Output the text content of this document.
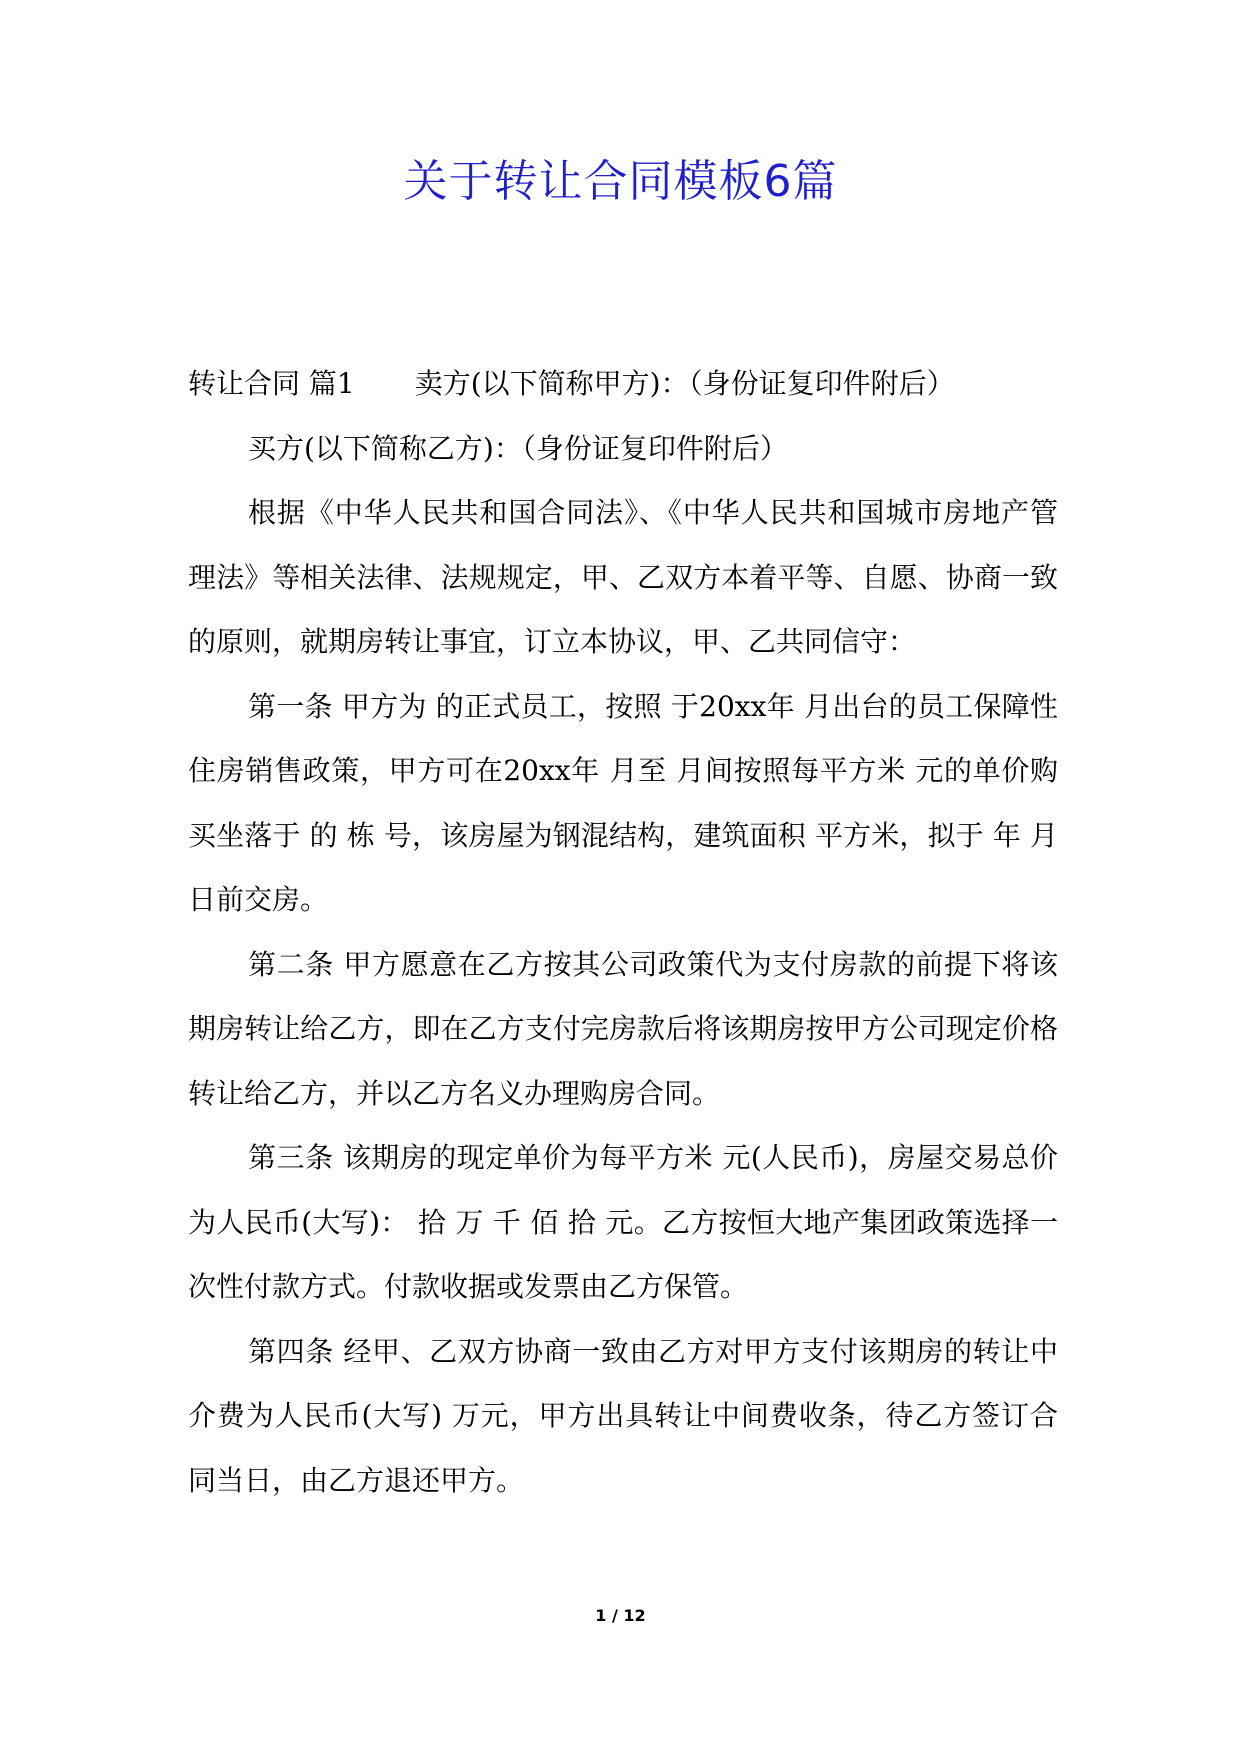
关于转让合同模板6篇

转让合同 篇1 卖方(以下简称甲方)：（身份证复印件附后）

买方(以下简称乙方)：（身份证复印件附后）

根据《中华人民共和国合同法》、《中华人民共和国城市房地产管理法》等相关法律、法规规定，甲、乙双方本着平等、自愿、协商一致的原则，就期房转让事宜，订立本协议，甲、乙共同信守：

第一条 甲方为 的正式员工，按照 于20xx年 月出台的员工保障性住房销售政策，甲方可在20xx年 月至 月间按照每平方米 元的单价购买坐落于 的 栋 号，该房屋为钢混结构，建筑面积 平方米，拟于 年 月 日前交房。

第二条 甲方愿意在乙方按其公司政策代为支付房款的前提下将该期房转让给乙方，即在乙方支付完房款后将该期房按甲方公司现定价格转让给乙方，并以乙方名义办理购房合同。

第三条 该期房的现定单价为每平方米 元(人民币)，房屋交易总价为人民币(大写)： 拾 万 千 佰 拾 元。乙方按恒大地产集团政策选择一次性付款方式。付款收据或发票由乙方保管。

第四条 经甲、乙双方协商一致由乙方对甲方支付该期房的转让中介费为人民币(大写) 万元，甲方出具转让中间费收条，待乙方签订合同当日，由乙方退还甲方。

1 / 12
